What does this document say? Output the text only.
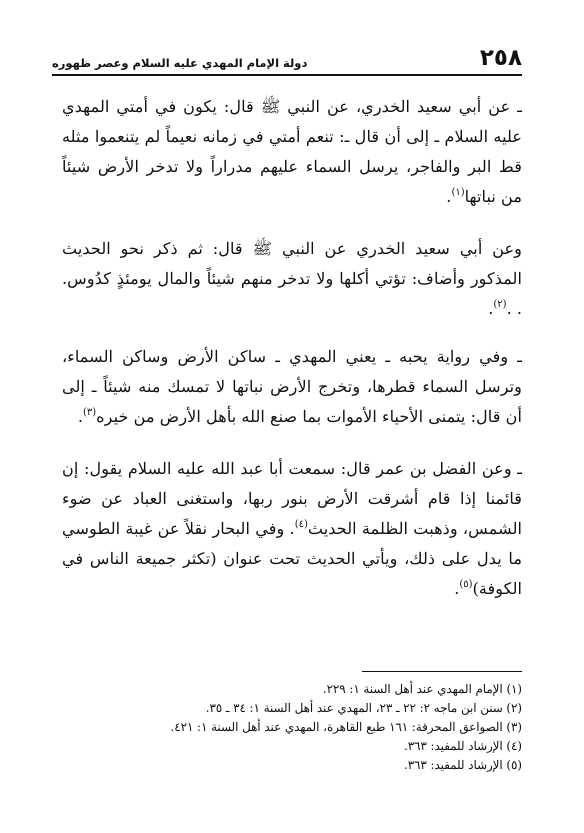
٢٥٨
دولة الإمام المهدي عليه السلام وعصر ظهوره

ـ عن أبي سعيد الخدري، عن النبي ﷺ قال: يكون في أمتي المهدي عليه السلام ـ إلى أن قال ـ: تنعم أمتي في زمانه نعيماً لم يتنعموا مثله قط البر والفاجر، يرسل السماء عليهم مدراراً ولا تدخر الأرض شيئاً من نباتها$^{(١)}$.

وعن أبي سعيد الخدري عن النبي ﷺ قال: ثم ذكر نحو الحديث المذكور وأضاف: تؤتي أكلها ولا تدخر منهم شيئاً والمال يومئذٍ كدُوس. . .$^{(٢)}$.

ـ وفي رواية يحبه ـ يعني المهدي ـ ساكن الأرض وساكن السماء، وترسل السماء قطرها، وتخرج الأرض نباتها لا تمسك منه شيئاً ـ إلى أن قال: يتمنى الأحياء الأموات بما صنع الله بأهل الأرض من خيره$^{(٣)}$.

ـ وعن الفضل بن عمر قال: سمعت أبا عبد الله عليه السلام يقول: إن قائمنا إذا قام أشرقت الأرض بنور ربها، واستغنى العباد عن ضوء الشمس، وذهبت الظلمة الحديث$^{(٤)}$. وفي البحار نقلاً عن غيبة الطوسي ما يدل على ذلك، ويأتي الحديث تحت عنوان (تكثر جميعة الناس في الكوفة)$^{(٥)}$.

(١) الإمام المهدي عند أهل السنة ١: ٢٢٩.
(٢) سنن ابن ماجه ٢: ٢٢ ـ ٢٣، المهدي عند أهل السنة ١: ٣٤ ـ ٣٥.
(٣) الصواعق المحرقة: ١٦١ طبع القاهرة، المهدي عند أهل السنة ١: ٤٢١.
(٤) الإرشاد للمفيد: ٣٦٣.
(٥) الإرشاد للمفيد: ٣٦٣.
